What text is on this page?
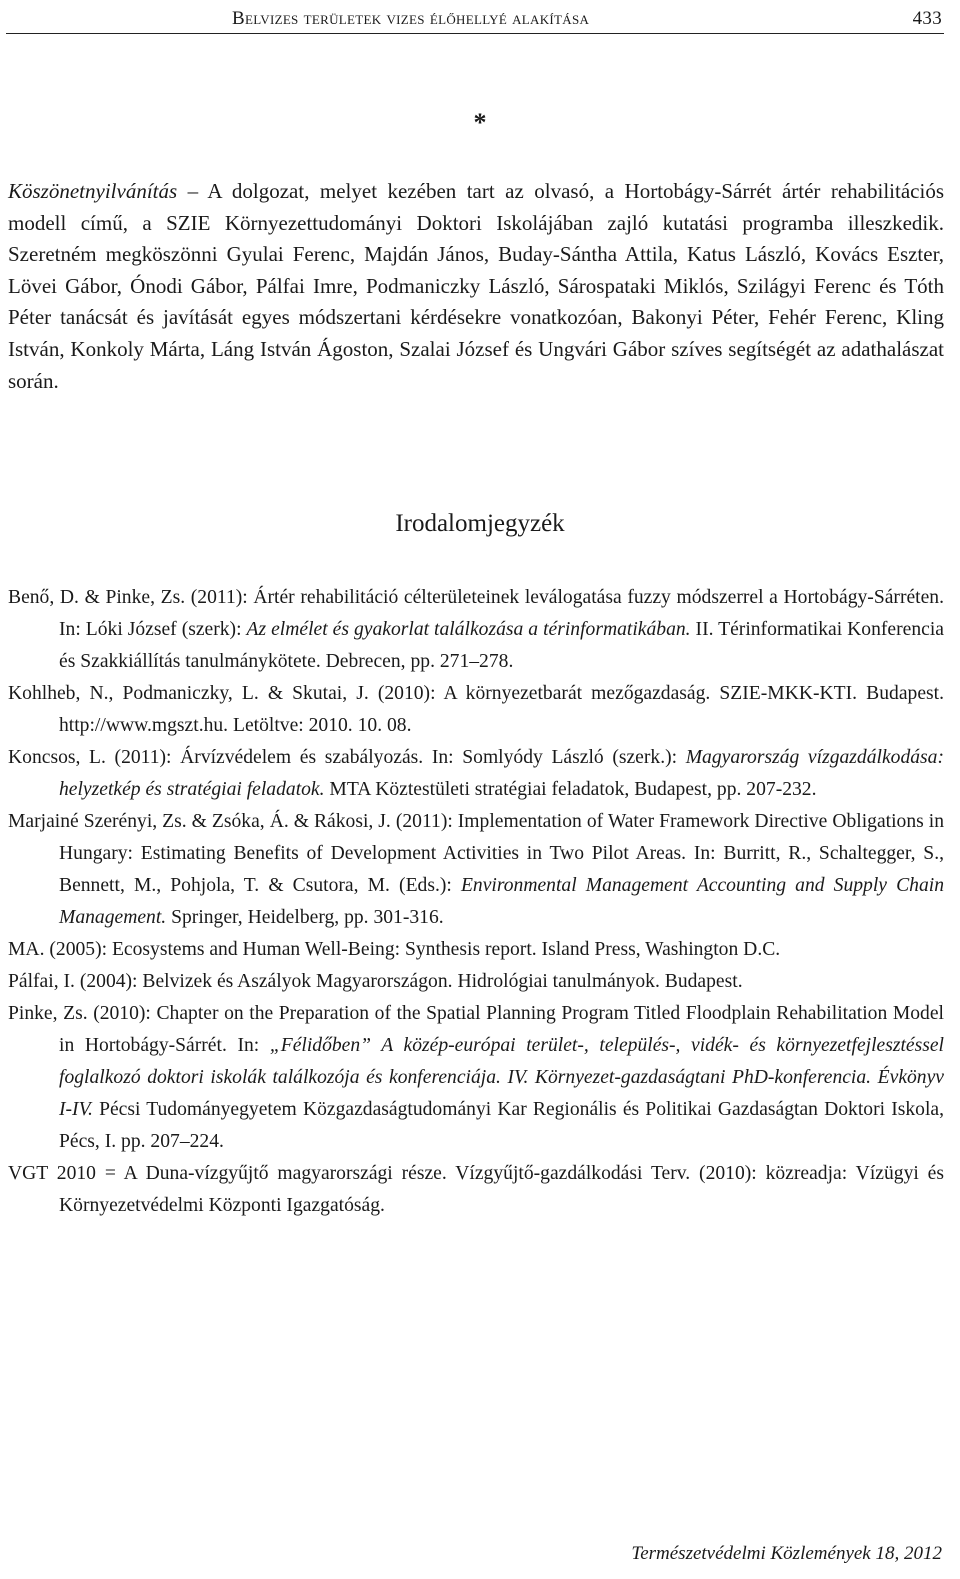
Belvizes területek vizes élőhellyé alakítása	433
*

Köszönetnyilvánítás – A dolgozat, melyet kezében tart az olvasó, a Hortobágy-Sárrét ártér rehabilitációs modell című, a SZIE Környezettudományi Doktori Iskolájában zajló kutatási programba illeszkedik. Szeretném megköszönni Gyulai Ferenc, Majdán János, Buday-Sántha Attila, Katus László, Kovács Eszter, Lövei Gábor, Ónodi Gábor, Pálfai Imre, Podmaniczky László, Sárospataki Miklós, Szilágyi Ferenc és Tóth Péter tanácsát és javítását egyes módszertani kérdésekre vonatkozóan, Bakonyi Péter, Fehér Ferenc, Kling István, Konkoly Márta, Láng István Ágoston, Szalai József és Ungvári Gábor szíves segítségét az adathalászat során.

Irodalomjegyzék

Benő, D. & Pinke, Zs. (2011): Ártér rehabilitáció célterületeinek leválogatása fuzzy módszerrel a Hortobágy-Sárréten. In: Lóki József (szerk): Az elmélet és gyakorlat találkozása a térinformatikában. II. Térinformatikai Konferencia és Szakkiállítás tanulmánykötete. Debrecen, pp. 271–278.

Kohlheb, N., Podmaniczky, L. & Skutai, J. (2010): A környezetbarát mezőgazdaság. SZIE-MKK-KTI. Budapest. http://www.mgszt.hu. Letöltve: 2010. 10. 08.

Koncsos, L. (2011): Árvízvédelem és szabályozás. In: Somlyódy László (szerk.): Magyarország vízgazdálkodása: helyzetkép és stratégiai feladatok. MTA Köztestületi stratégiai feladatok, Budapest, pp. 207-232.

Marjainé Szerényi, Zs. & Zsóka, Á. & Rákosi, J. (2011): Implementation of Water Framework Directive Obligations in Hungary: Estimating Benefits of Development Activities in Two Pilot Areas. In: Burritt, R., Schaltegger, S., Bennett, M., Pohjola, T. & Csutora, M. (Eds.): Environmental Management Accounting and Supply Chain Management. Springer, Heidelberg, pp. 301-316.

MA. (2005): Ecosystems and Human Well-Being: Synthesis report. Island Press, Washington D.C.

Pálfai, I. (2004): Belvizek és Aszályok Magyarországon. Hidrológiai tanulmányok. Budapest.

Pinke, Zs. (2010): Chapter on the Preparation of the Spatial Planning Program Titled Floodplain Rehabilitation Model in Hortobágy-Sárrét. In: „Félidőben” A közép-európai terület-, település-, vidék- és környezetfejlesztéssel foglalkozó doktori iskolák találkozója és konferenciája. IV. Környezet-gazdaságtani PhD-konferencia. Évkönyv I-IV. Pécsi Tudományegyetem Közgazdaságtudományi Kar Regionális és Politikai Gazdaságtan Doktori Iskola, Pécs, I. pp. 207–224.

VGT 2010 = A Duna-vízgyűjtő magyarországi része. Vízgyűjtő-gazdálkodási Terv. (2010): közreadja: Vízügyi és Környezetvédelmi Központi Igazgatóság.

Természetvédelmi Közlemények 18, 2012
